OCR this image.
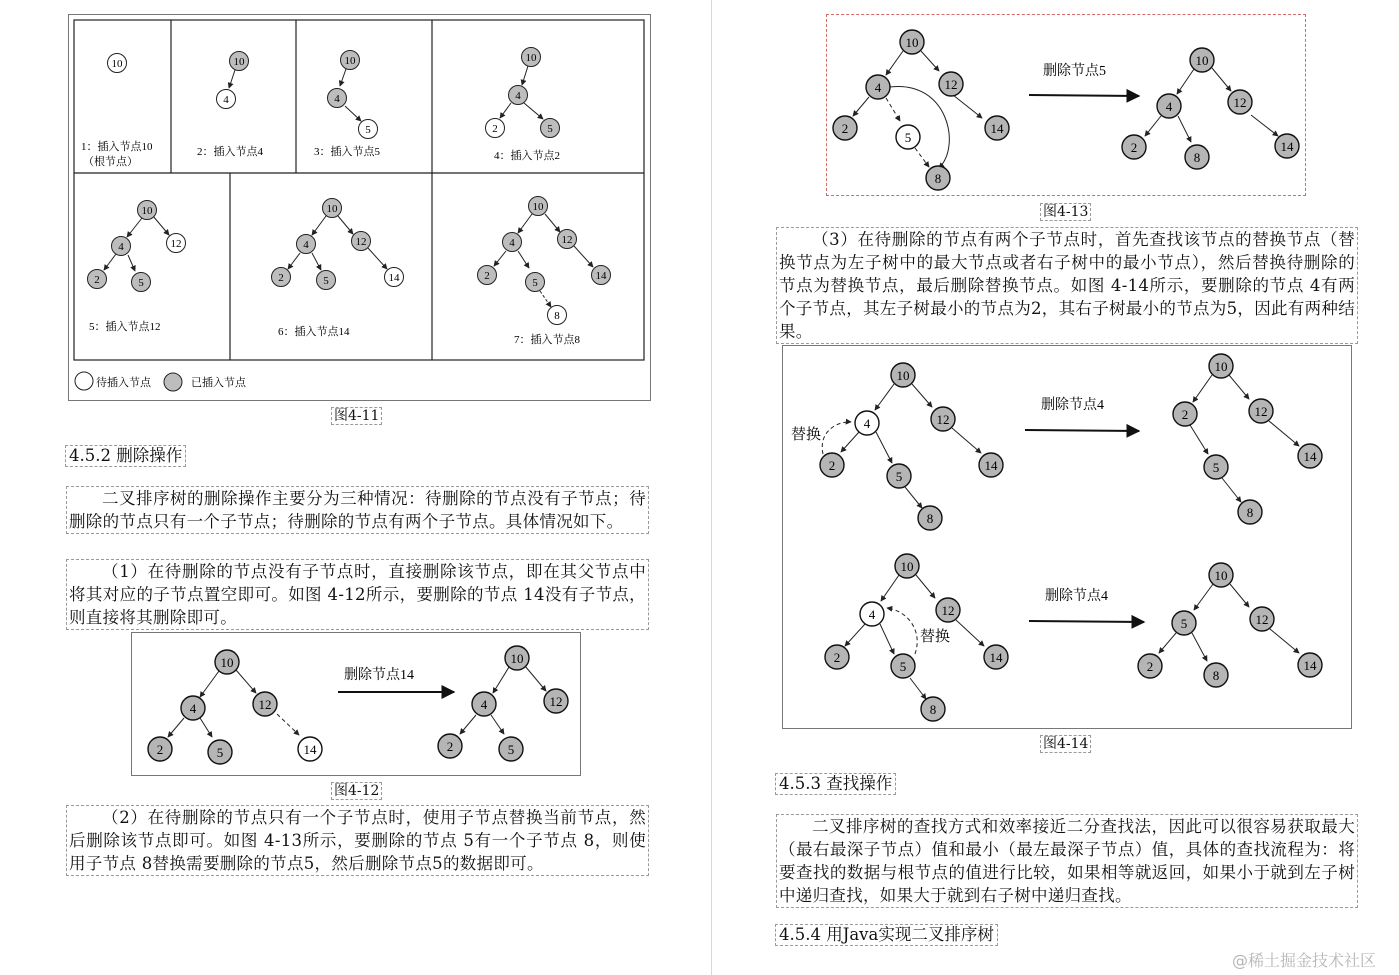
10
1：插入节点10
（根节点）
10
4
2：插入节点4
10
4
5
3：插入节点5
10
4
2	5
4：插入节点2
10
4	12
2	5
5：插入节点12
10
4	12
2	5	14
6：插入节点14
10
4	12
2
5
14
8
7：插入节点8
待插入节点	已插入节点
图4-11
4.5.2 删除操作
二叉排序树的删除操作主要分为三种情况：待删除的节点没有子节点；待删除的节点只有一个子节点；待删除的节点有两个子节点。具体情况如下。
（1）在待删除的节点没有子节点时，直接删除该节点，即在其父节点中将其对应的子节点置空即可。如图 4-12所示，要删除的节点 14没有子节点，则直接将其删除即可。
10
4	12
2	5	14
删除节点14
10
4	12
2	5
图4-12
（2）在待删除的节点只有一个子节点时，使用子节点替换当前节点，然后删除该节点即可。如图 4-13所示，要删除的节点 5有一个子节点 8，则使用子节点 8替换需要删除的节点5，然后删除节点5的数据即可。
10
4	12
2
5
14
8
删除节点5
10
4	12
2
8
14
图4-13
（3）在待删除的节点有两个子节点时，首先查找该节点的替换节点（替换节点为左子树中的最大节点或者右子树中的最小节点），然后替换待删除的节点为替换节点，最后删除替换节点。如图 4-14所示，要删除的节点 4有两个子节点，其左子树最小的节点为2，其右子树最小的节点为5，因此有两种结果。
替换
10
4	12
2
5
14
8
删除节点4
10
2	12
5
14
8
替换
10
4	12
2
5
14
8
删除节点4
10
5	12
2
8
14
图4-14
4.5.3 查找操作
二叉排序树的查找方式和效率接近二分查找法，因此可以很容易获取最大（最右最深子节点）值和最小（最左最深子节点）值，具体的查找流程为：将要查找的数据与根节点的值进行比较，如果相等就返回，如果小于就到左子树中递归查找，如果大于就到右子树中递归查找。
4.5.4 用Java实现二叉排序树
@稀土掘金技术社区
